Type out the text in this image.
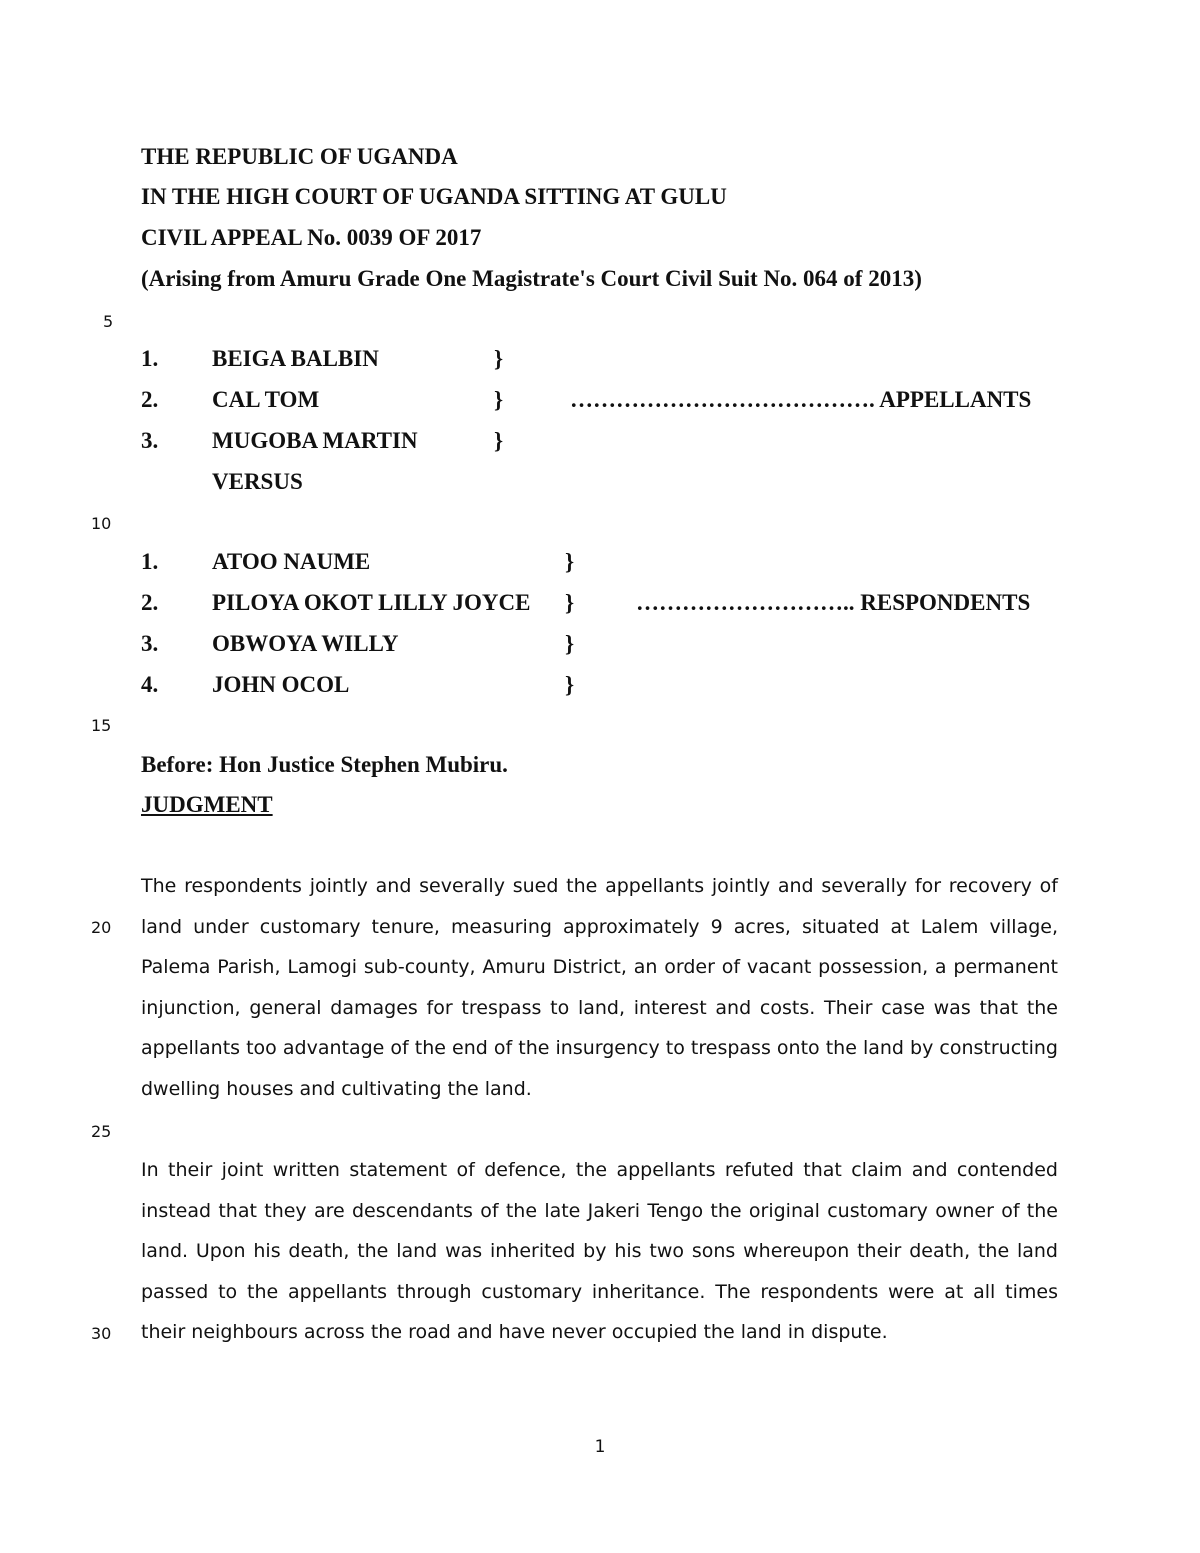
THE REPUBLIC OF UGANDA
IN THE HIGH COURT OF UGANDA SITTING AT GULU
CIVIL APPEAL No. 0039 OF 2017
(Arising from Amuru Grade One Magistrate's Court Civil Suit No. 064 of 2013)
5
10
15
20
25
30
1. BEIGA BALBIN	}
2. CAL TOM	}	…………………………………. APPELLANTS
3. MUGOBA MARTIN	}
VERSUS
1. ATOO NAUME	}
2. PILOYA OKOT LILLY JOYCE }	……………………….. RESPONDENTS
3. OBWOYA WILLY	}
4. JOHN OCOL	}
Before: Hon Justice Stephen Mubiru.
JUDGMENT

The respondents jointly and severally sued the appellants jointly and severally for recovery of land under customary tenure, measuring approximately 9 acres, situated at Lalem village, Palema Parish, Lamogi sub-county, Amuru District, an order of vacant possession, a permanent injunction, general damages for trespass to land, interest and costs. Their case was that the appellants too advantage of the end of the insurgency to trespass onto the land by constructing dwelling houses and cultivating the land.

In their joint written statement of defence, the appellants refuted that claim and contended instead that they are descendants of the late Jakeri Tengo the original customary owner of the land. Upon his death, the land was inherited by his two sons whereupon their death, the land passed to the appellants through customary inheritance. The respondents were at all times their neighbours across the road and have never occupied the land in dispute.

1
